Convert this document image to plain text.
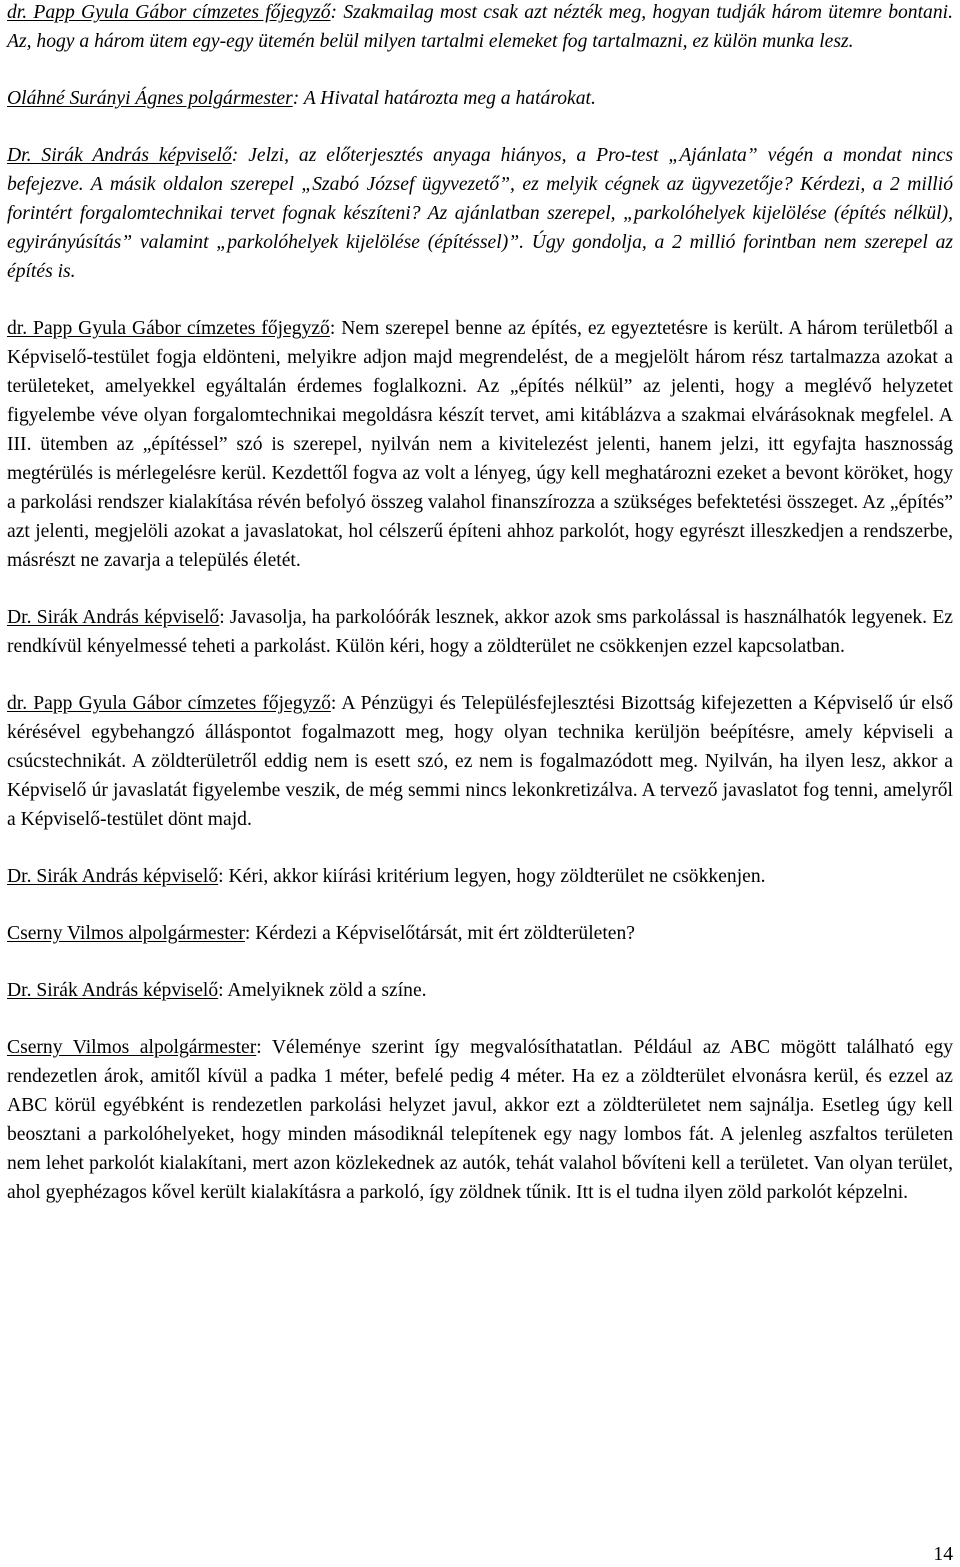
dr. Papp Gyula Gábor címzetes főjegyző: Szakmailag most csak azt nézték meg, hogyan tudják három ütemre bontani. Az, hogy a három ütem egy-egy ütemén belül milyen tartalmi elemeket fog tartalmazni, ez külön munka lesz.

Oláhné Surányi Ágnes polgármester: A Hivatal határozta meg a határokat.

Dr. Sirák András képviselő: Jelzi, az előterjesztés anyaga hiányos, a Pro-test „Ajánlata” végén a mondat nincs befejezve. A másik oldalon szerepel „Szabó József ügyvezető”, ez melyik cégnek az ügyvezetője? Kérdezi, a 2 millió forintért forgalomtechnikai tervet fognak készíteni? Az ajánlatban szerepel, „parkolóhelyek kijelölése (építés nélkül), egyirányúsítás” valamint „parkolóhelyek kijelölése (építéssel)”. Úgy gondolja, a 2 millió forintban nem szerepel az építés is.

dr. Papp Gyula Gábor címzetes főjegyző: Nem szerepel benne az építés, ez egyeztetésre is került. A három területből a Képviselő-testület fogja eldönteni, melyikre adjon majd megrendelést, de a megjelölt három rész tartalmazza azokat a területeket, amelyekkel egyáltalán érdemes foglalkozni. Az „építés nélkül” az jelenti, hogy a meglévő helyzetet figyelembe véve olyan forgalomtechnikai megoldásra készít tervet, ami kitáblázva a szakmai elvárásoknak megfelel. A III. ütemben az „építéssel” szó is szerepel, nyilván nem a kivitelezést jelenti, hanem jelzi, itt egyfajta hasznosság megtérülés is mérlegelésre kerül. Kezdettől fogva az volt a lényeg, úgy kell meghatározni ezeket a bevont köröket, hogy a parkolási rendszer kialakítása révén befolyó összeg valahol finanszírozza a szükséges befektetési összeget. Az „építés” azt jelenti, megjelöli azokat a javaslatokat, hol célszerű építeni ahhoz parkolót, hogy egyrészt illeszkedjen a rendszerbe, másrészt ne zavarja a település életét.

Dr. Sirák András képviselő: Javasolja, ha parkolóórák lesznek, akkor azok sms parkolással is használhatók legyenek. Ez rendkívül kényelmessé teheti a parkolást. Külön kéri, hogy a zöldterület ne csökkenjen ezzel kapcsolatban.

dr. Papp Gyula Gábor címzetes főjegyző: A Pénzügyi és Településfejlesztési Bizottság kifejezetten a Képviselő úr első kérésével egybehangzó álláspontot fogalmazott meg, hogy olyan technika kerüljön beépítésre, amely képviseli a csúcstechnikát. A zöldterületről eddig nem is esett szó, ez nem is fogalmazódott meg. Nyilván, ha ilyen lesz, akkor a Képviselő úr javaslatát figyelembe veszik, de még semmi nincs lekonkretizálva. A tervező javaslatot fog tenni, amelyről a Képviselő-testület dönt majd.

Dr. Sirák András képviselő: Kéri, akkor kiírási kritérium legyen, hogy zöldterület ne csökkenjen.

Cserny Vilmos alpolgármester: Kérdezi a Képviselőtársát, mit ért zöldterületen?

Dr. Sirák András képviselő: Amelyiknek zöld a színe.

Cserny Vilmos alpolgármester: Véleménye szerint így megvalósíthatatlan. Például az ABC mögött található egy rendezetlen árok, amitől kívül a padka 1 méter, befelé pedig 4 méter. Ha ez a zöldterület elvonásra kerül, és ezzel az ABC körül egyébként is rendezetlen parkolási helyzet javul, akkor ezt a zöldterületet nem sajnálja. Esetleg úgy kell beosztani a parkolóhelyeket, hogy minden másodiknál telepítenek egy nagy lombos fát. A jelenleg aszfaltos területen nem lehet parkolót kialakítani, mert azon közlekednek az autók, tehát valahol bővíteni kell a területet. Van olyan terület, ahol gyephézagos kővel került kialakításra a parkoló, így zöldnek tűnik. Itt is el tudna ilyen zöld parkolót képzelni.

14
